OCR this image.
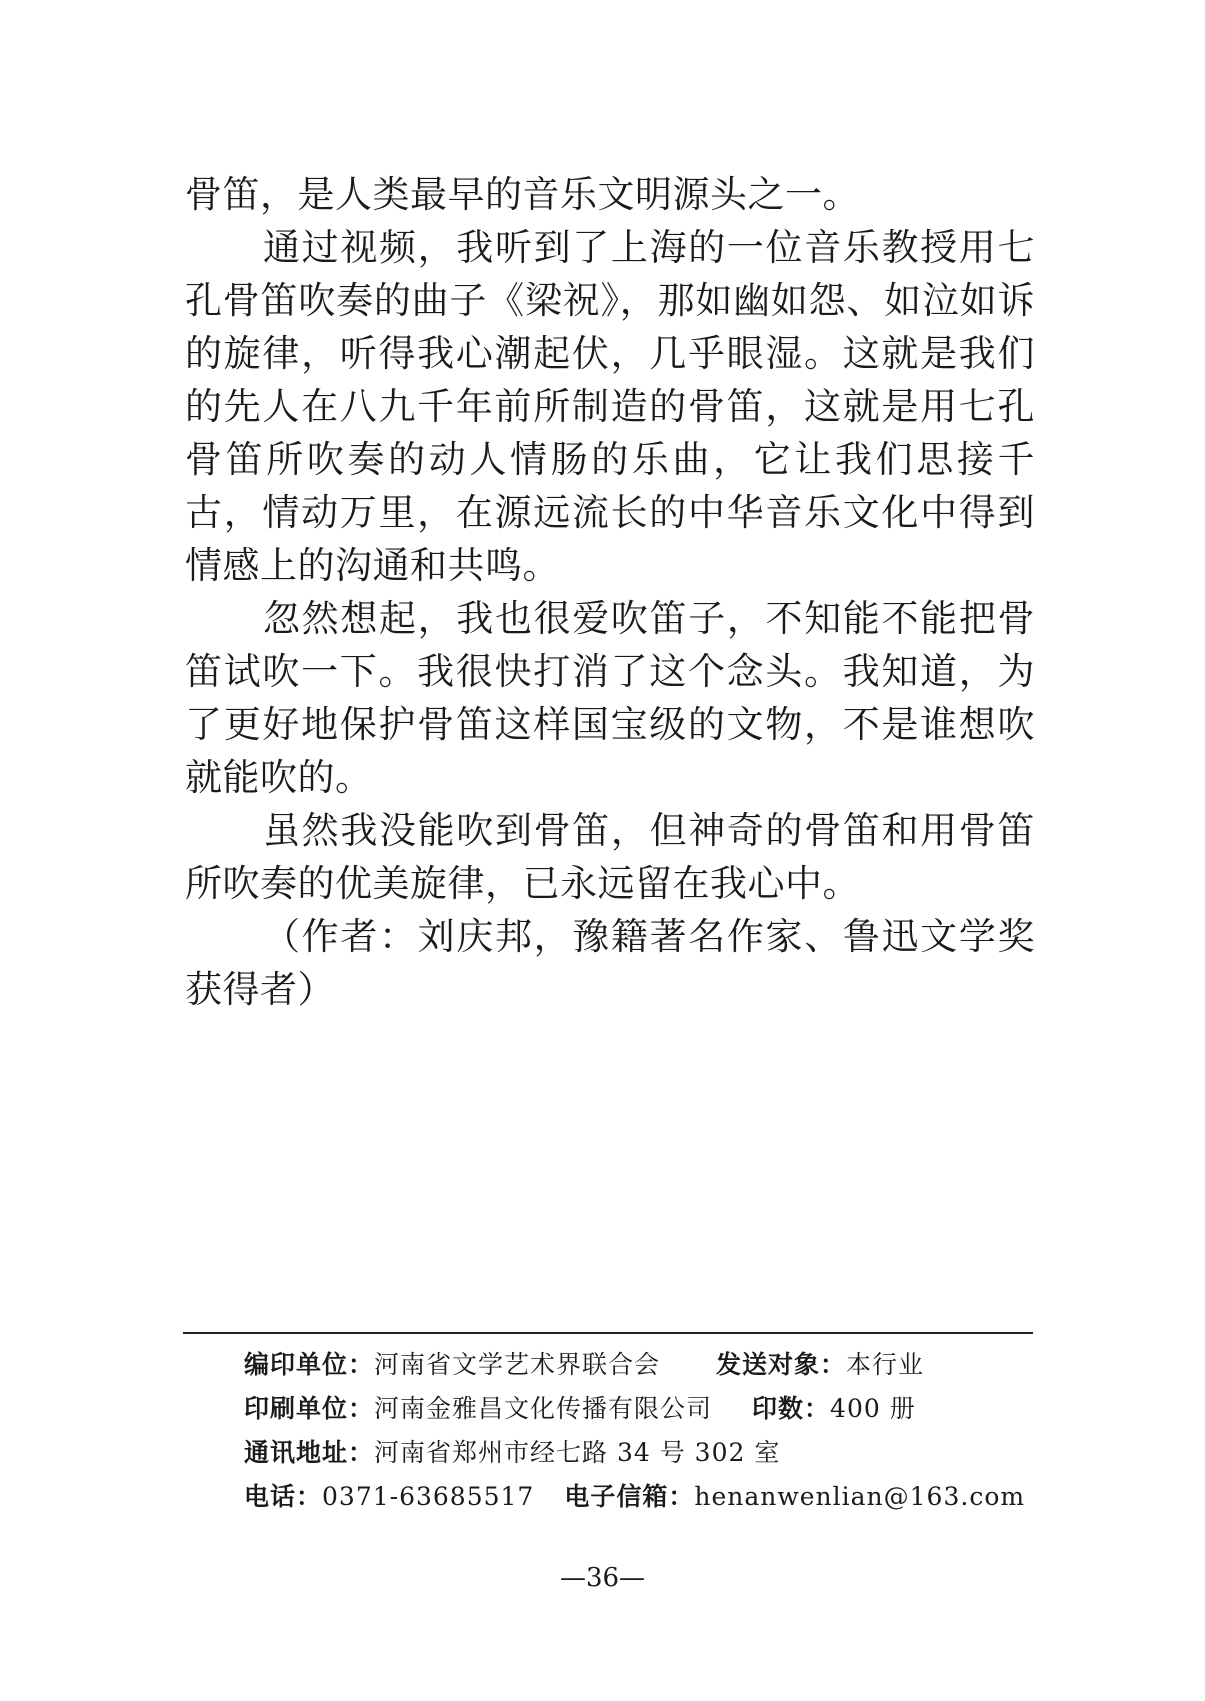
骨笛，是人类最早的音乐文明源头之一。

通过视频，我听到了上海的一位音乐教授用七孔骨笛吹奏的曲子《梁祝》，那如幽如怨、如泣如诉的旋律，听得我心潮起伏，几乎眼湿。这就是我们的先人在八九千年前所制造的骨笛，这就是用七孔骨笛所吹奏的动人情肠的乐曲，它让我们思接千古，情动万里，在源远流长的中华音乐文化中得到情感上的沟通和共鸣。

忽然想起，我也很爱吹笛子，不知能不能把骨笛试吹一下。我很快打消了这个念头。我知道，为了更好地保护骨笛这样国宝级的文物，不是谁想吹就能吹的。

虽然我没能吹到骨笛，但神奇的骨笛和用骨笛所吹奏的优美旋律，已永远留在我心中。

（作者：刘庆邦，豫籍著名作家、鲁迅文学奖获得者）

编印单位：河南省文学艺术界联合会 发送对象：本行业
印刷单位：河南金雅昌文化传播有限公司 印数：400 册
通讯地址：河南省郑州市经七路 34 号 302 室
电话：0371-63685517 电子信箱：henanwenlian@163.com
—36—
